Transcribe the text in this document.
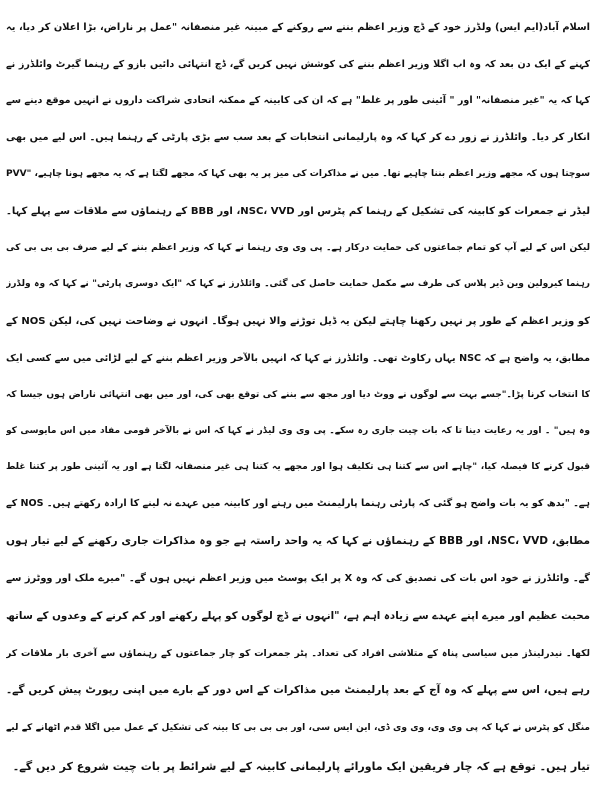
اسلام آباد(ایم ایس) ولڈرز خود کے ڈچ وزیر اعظم بننے سے روکنے کے مبینہ غیر منصفانہ "عمل پر ناراض، بڑا اعلان کر دیا، یہ

کہنے کے ایک دن بعد کہ وہ اب اگلا وزیر اعظم بننے کی کوشش نہیں کریں گے، ڈچ انتہائی دائیں بازو کے رہنما گیرٹ وائلڈرز نے

کہا کہ یہ "غیر منصفانہ" اور " آئینی طور پر غلط" ہے کہ ان کی کابینہ کے ممکنہ اتحادی شراکت داروں نے انہیں موقع دینے سے

انکار کر دیا۔ وائلڈرز نے زور دے کر کہا کہ وہ پارلیمانی انتخابات کے بعد سب سے بڑی پارٹی کے رہنما ہیں۔ اس لیے میں بھی

سوچتا ہوں کہ مجھے وزیر اعظم بننا چاہیے تھا۔ میں نے مذاکرات کی میز پر یہ بھی کہا کہ مجھے لگتا ہے کہ یہ مجھے ہونا چاہیے، "PVV

لیڈر نے جمعرات کو کابینہ کی تشکیل کے رہنما کم پٹرس اور NSC، VVD، اور BBB کے رہنماؤں سے ملاقات سے پہلے کہا۔

لیکن اس کے لیے آپ کو تمام جماعتوں کی حمایت درکار ہے۔ پی وی وی رہنما نے کہا کہ وزیر اعظم بننے کے لیے صرف بی بی بی کی

رہنما کیرولین وین ڈیر پلاس کی طرف سے مکمل حمایت حاصل کی گئی۔ وائلڈرز نے کہا کہ "ایک دوسری پارٹی" نے کہا کہ وہ ولڈرز

کو وزیر اعظم کے طور پر نہیں رکھنا چاہتے لیکن یہ ڈیل توڑنے والا نہیں ہوگا۔ انہوں نے وضاحت نہیں کی، لیکن NOS کے

مطابق، یہ واضح ہے کہ NSC یہاں رکاوٹ تھی۔ وائلڈرز نے کہا کہ انہیں بالآخر وزیر اعظم بننے کے لیے لڑائی میں سے کسی ایک

کا انتخاب کرنا پڑا۔"جسے بہت سے لوگوں نے ووٹ دیا اور مجھ سے بننے کی توقع بھی کی، اور میں بھی انتہائی ناراض ہوں جیسا کہ

وہ ہیں" ۔ اور یہ رعایت دینا تا کہ بات چیت جاری رہ سکے۔ پی وی وی لیڈر نے کہا کہ اس نے بالآخر قومی مفاد میں اس مایوسی کو

قبول کرنے کا فیصلہ کیا، "چاہے اس سے کتنا ہی تکلیف ہوا اور مجھے یہ کتنا ہی غیر منصفانہ لگتا ہے اور یہ آئینی طور پر کتنا غلط

ہے۔ "بدھ کو یہ بات واضح ہو گئی کہ پارٹی رہنما پارلیمنٹ میں رہنے اور کابینہ میں عہدے نہ لینے کا ارادہ رکھتے ہیں۔ NOS کے

مطابق، NSC، VVD، اور BBB کے رہنماؤں نے کہا کہ یہ واحد راستہ ہے جو وہ مذاکرات جاری رکھنے کے لیے تیار ہوں

گے۔ وائلڈرز نے خود اس بات کی تصدیق کی کہ وہ X پر ایک پوسٹ میں وزیر اعظم نہیں ہوں گے۔ "میرے ملک اور ووٹرز سے

محبت عظیم اور میرے اپنے عہدے سے زیادہ اہم ہے، "انہوں نے ڈچ لوگوں کو پہلے رکھنے اور کم کرنے کے وعدوں کے ساتھ

لکھا۔ نیدرلینڈز میں سیاسی پناہ کے متلاشی افراد کی تعداد۔ پٹر جمعرات کو چار جماعتوں کے رہنماؤں سے آخری بار ملاقات کر

رہے ہیں، اس سے پہلے کہ وہ آج کے بعد پارلیمنٹ میں مذاکرات کے اس دور کے بارے میں اپنی رپورٹ پیش کریں گے۔

منگل کو پٹرس نے کہا کہ پی وی وی، وی وی ڈی، این ایس سی، اور بی بی بی کا بینہ کی تشکیل کے عمل میں اگلا قدم اٹھانے کے لیے

تیار ہیں۔ توقع ہے کہ چار فریقین ایک ماورائے پارلیمانی کابینہ کے لیے شرائط پر بات چیت شروع کر دیں گے۔
